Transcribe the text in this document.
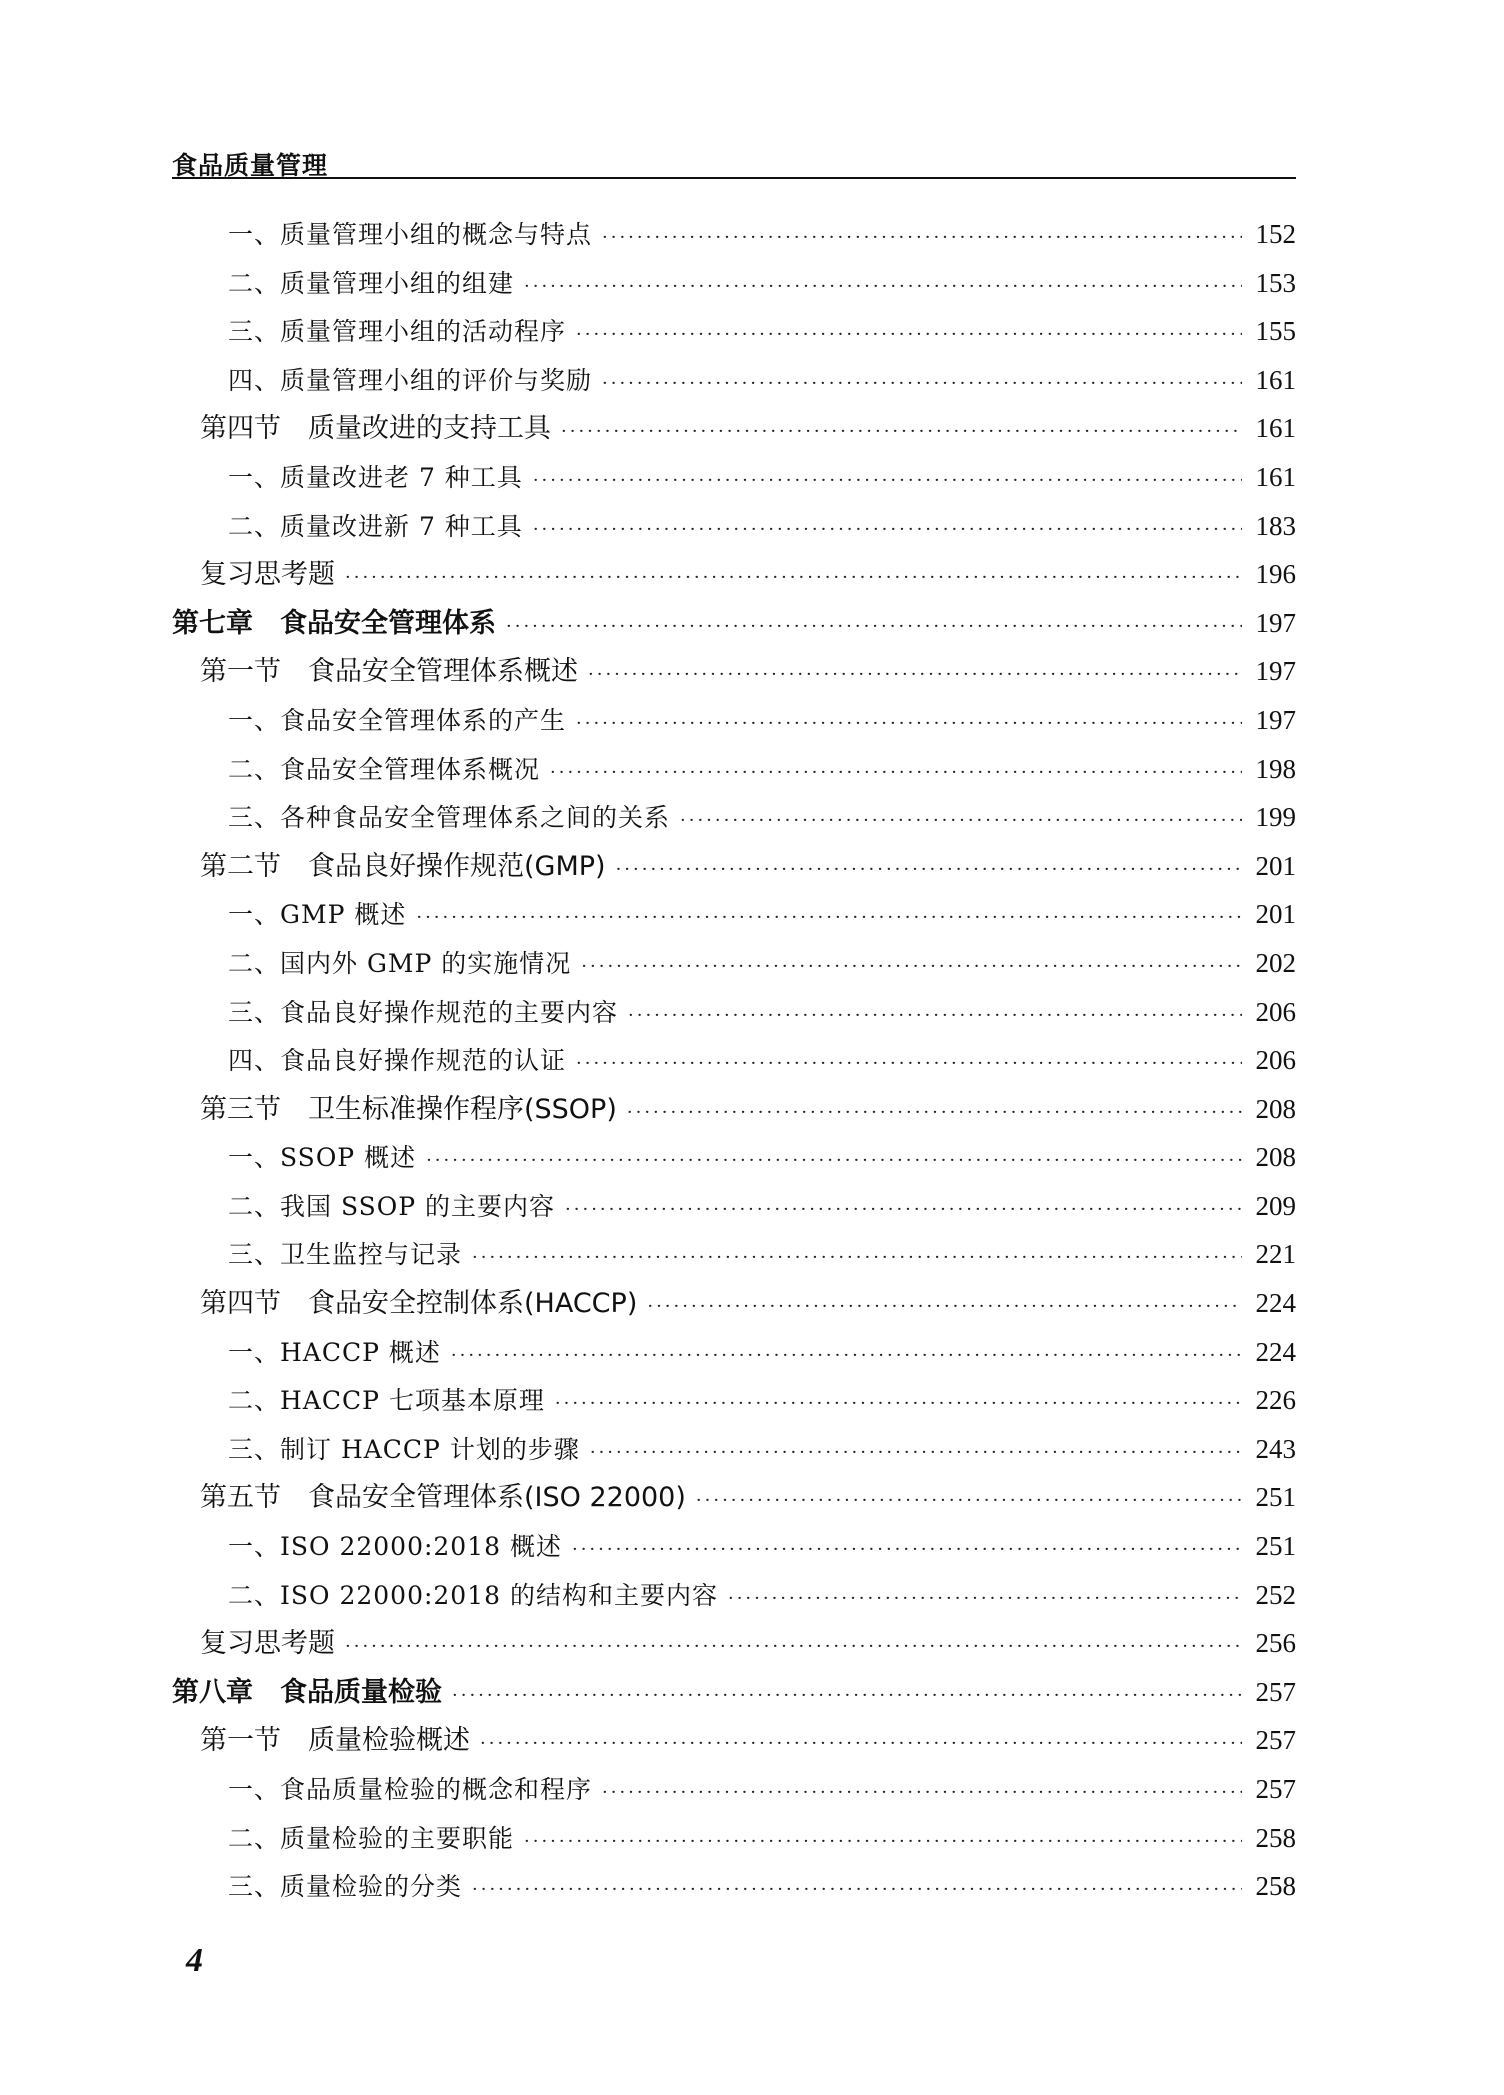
食品质量管理
一、质量管理小组的概念与特点 ·····	152
二、质量管理小组的组建 ·····	153
三、质量管理小组的活动程序 ·····	155
四、质量管理小组的评价与奖励 ·····	161
第四节　质量改进的支持工具 ·····	161
一、质量改进老 7 种工具 ·····	161
二、质量改进新 7 种工具 ·····	183
复习思考题 ·····	196
第七章　食品安全管理体系 ·····	197
第一节　食品安全管理体系概述 ·····	197
一、食品安全管理体系的产生 ·····	197
二、食品安全管理体系概况 ·····	198
三、各种食品安全管理体系之间的关系 ·····	199
第二节　食品良好操作规范(GMP) ·····	201
一、GMP 概述 ·····	201
二、国内外 GMP 的实施情况 ·····	202
三、食品良好操作规范的主要内容 ·····	206
四、食品良好操作规范的认证 ·····	206
第三节　卫生标准操作程序(SSOP) ·····	208
一、SSOP 概述 ·····	208
二、我国 SSOP 的主要内容 ·····	209
三、卫生监控与记录 ·····	221
第四节　食品安全控制体系(HACCP) ·····	224
一、HACCP 概述 ·····	224
二、HACCP 七项基本原理 ·····	226
三、制订 HACCP 计划的步骤 ·····	243
第五节　食品安全管理体系(ISO 22000) ·····	251
一、ISO 22000:2018 概述 ·····	251
二、ISO 22000:2018 的结构和主要内容 ·····	252
复习思考题 ·····	256
第八章　食品质量检验 ·····	257
第一节　质量检验概述 ·····	257
一、食品质量检验的概念和程序 ·····	257
二、质量检验的主要职能 ·····	258
三、质量检验的分类 ·····	258
4
